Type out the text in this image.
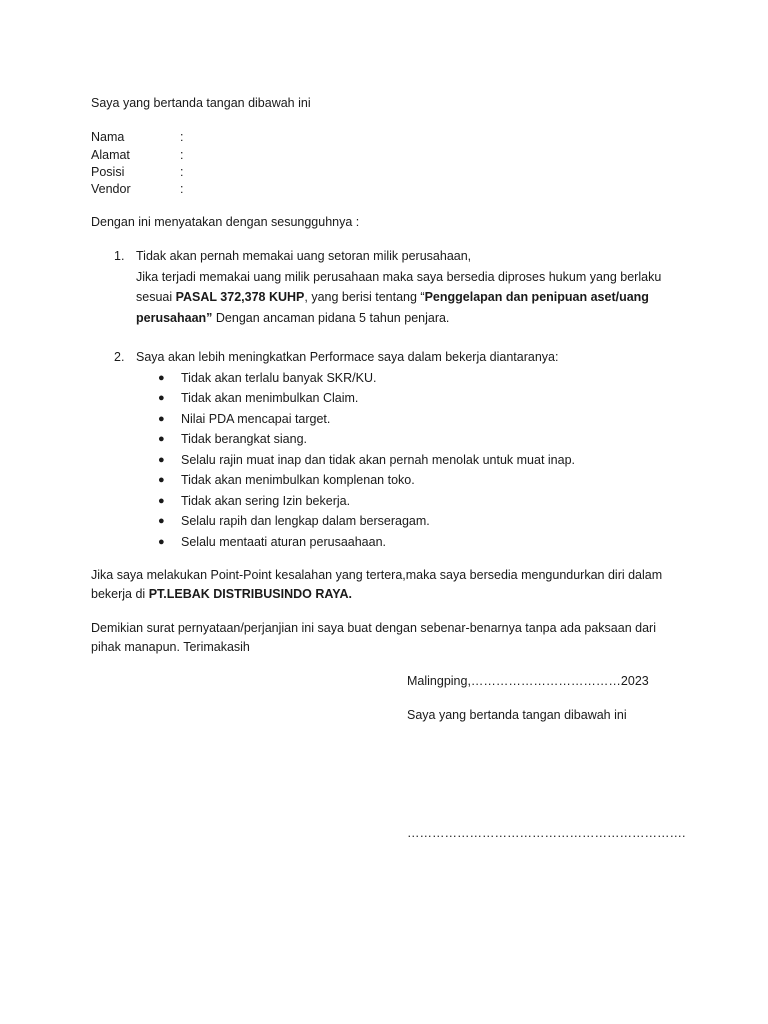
Saya yang bertanda tangan dibawah ini
Nama	:
Alamat	:
Posisi	:
Vendor	:
Dengan ini menyatakan dengan sesungguhnya :
1. Tidak akan pernah memakai uang setoran milik perusahaan,
Jika terjadi memakai uang milik perusahaan maka saya bersedia diproses hukum yang berlaku
sesuai PASAL 372,378 KUHP, yang berisi tentang “Penggelapan dan penipuan aset/uang
perusahaan” Dengan ancaman pidana 5 tahun penjara.
2. Saya akan lebih meningkatkan Performace saya dalam bekerja diantaranya:
● Tidak akan terlalu banyak SKR/KU.
● Tidak akan menimbulkan Claim.
● Nilai PDA mencapai target.
● Tidak berangkat siang.
● Selalu rajin muat inap dan tidak akan pernah menolak untuk muat inap.
● Tidak akan menimbulkan komplenan toko.
● Tidak akan sering Izin bekerja.
● Selalu rapih dan lengkap dalam berseragam.
● Selalu mentaati aturan perusaahaan.
Jika saya melakukan Point-Point kesalahan yang tertera,maka saya bersedia mengundurkan diri dalam
bekerja di PT.LEBAK DISTRIBUSINDO RAYA.
Demikian surat pernyataan/perjanjian ini saya buat dengan sebenar-benarnya tanpa ada paksaan dari
pihak manapun. Terimakasih
Malingping,………………………………2023
Saya yang bertanda tangan dibawah ini
………………………………………………………….
